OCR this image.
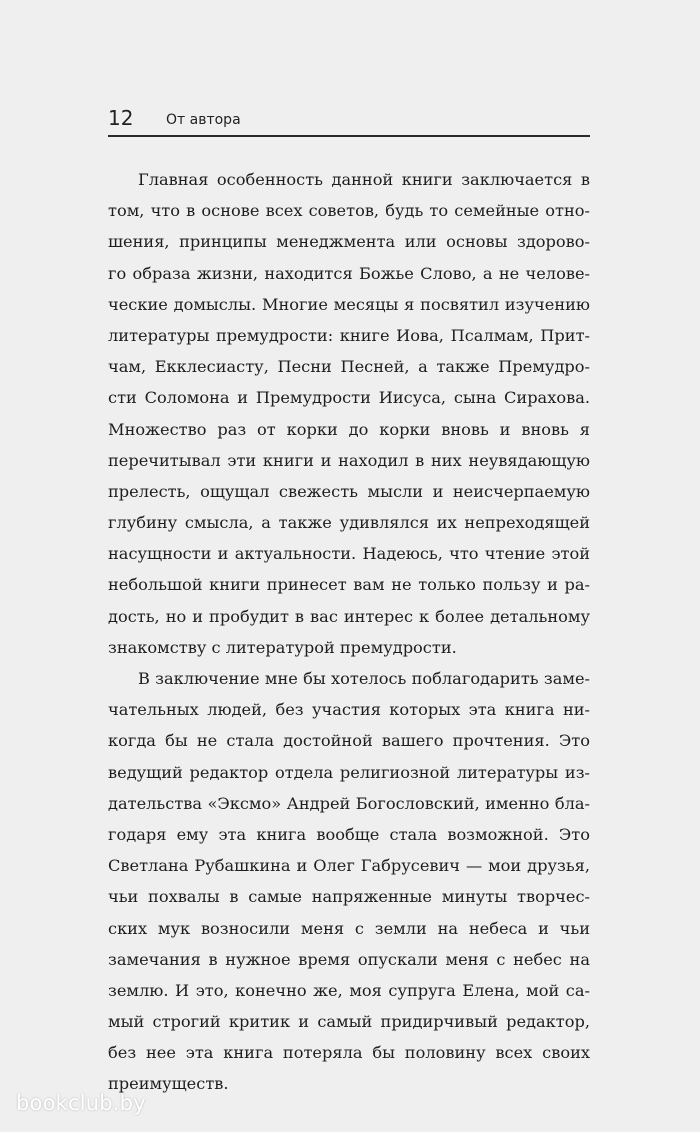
12 От автора
Главная особенность данной книги заключается в
том, что в основе всех советов, будь то семейные отно-
шения, принципы менеджмента или основы здорово-
го образа жизни, находится Божье Слово, а не челове-
ческие домыслы. Многие месяцы я посвятил изучению
литературы премудрости: книге Иова, Псалмам, Прит-
чам, Екклесиасту, Песни Песней, а также Премудро-
сти Соломона и Премудрости Иисуса, сына Сирахова.
Множество раз от корки до корки вновь и вновь я
перечитывал эти книги и находил в них неувядающую
прелесть, ощущал свежесть мысли и неисчерпаемую
глубину смысла, а также удивлялся их непреходящей
насущности и актуальности. Надеюсь, что чтение этой
небольшой книги принесет вам не только пользу и ра-
дость, но и пробудит в вас интерес к более детальному
знакомству с литературой премудрости.
В заключение мне бы хотелось поблагодарить заме-
чательных людей, без участия которых эта книга ни-
когда бы не стала достойной вашего прочтения. Это
ведущий редактор отдела религиозной литературы из-
дательства «Эксмо» Андрей Богословский, именно бла-
годаря ему эта книга вообще стала возможной. Это
Светлана Рубашкина и Олег Габрусевич — мои друзья,
чьи похвалы в самые напряженные минуты творчес-
ских мук возносили меня с земли на небеса и чьи
замечания в нужное время опускали меня с небес на
землю. И это, конечно же, моя супруга Елена, мой са-
мый строгий критик и самый придирчивый редактор,
без нее эта книга потеряла бы половину всех своих
преимуществ.
bookclub.by
